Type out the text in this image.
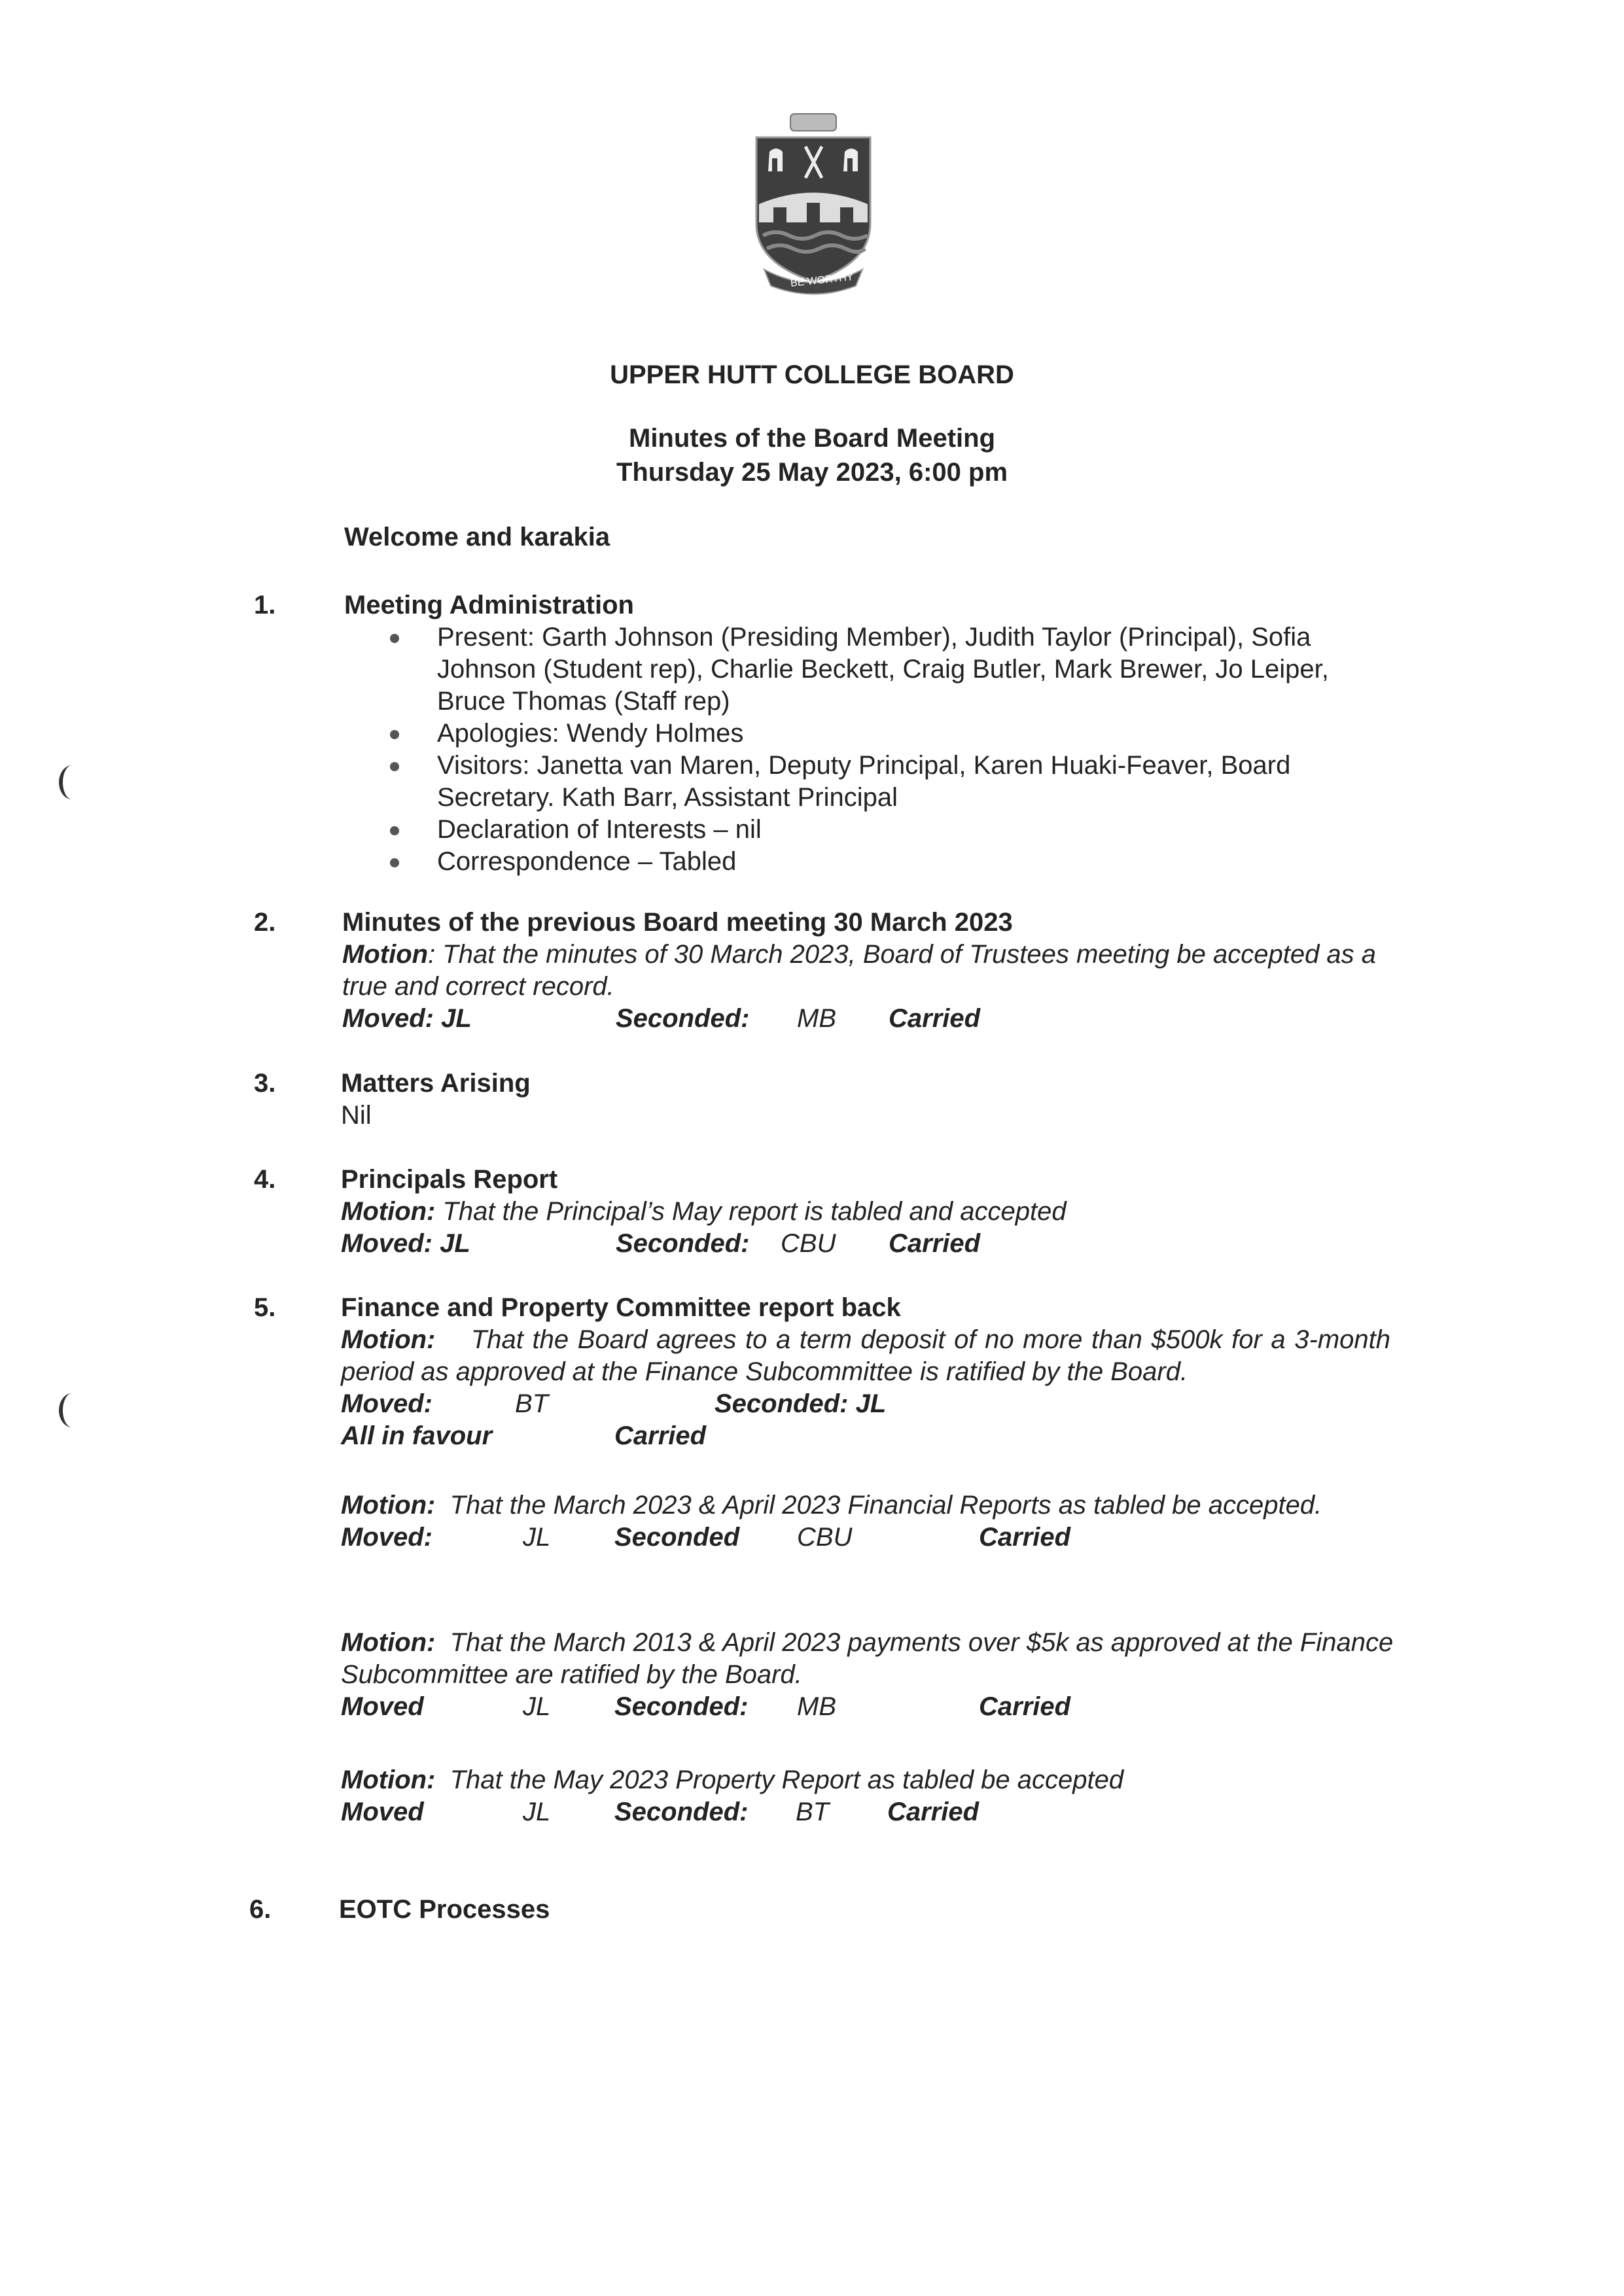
BE WORTHY
UPPER HUTT COLLEGE BOARD
Minutes of the Board Meeting
Thursday 25 May 2023, 6:00 pm
Welcome and karakia
1.	Meeting Administration
Present: Garth Johnson (Presiding Member), Judith Taylor (Principal), Sofia Johnson (Student rep), Charlie Beckett, Craig Butler, Mark Brewer, Jo Leiper, Bruce Thomas (Staff rep)
Apologies: Wendy Holmes
Visitors: Janetta van Maren, Deputy Principal, Karen Huaki-Feaver, Board Secretary. Kath Barr, Assistant Principal
Declaration of Interests – nil
Correspondence – Tabled
2.	Minutes of the previous Board meeting 30 March 2023
Motion: That the minutes of 30 March 2023, Board of Trustees meeting be accepted as a true and correct record.
Moved: JL	Seconded: MB Carried
3. Matters Arising
Nil
4. Principals Report
Motion: That the Principal’s May report is tabled and accepted
Moved: JL	Seconded: CBU Carried
5. Finance and Property Committee report back
Motion: That the Board agrees to a term deposit of no more than $500k for a 3-month period as approved at the Finance Subcommittee is ratified by the Board.
Moved:	BT	Seconded: JL
All in favour	Carried
Motion: That the March 2023 & April 2023 Financial Reports as tabled be accepted.
Moved:	JL Seconded CBU	Carried
Motion: That the March 2013 & April 2023 payments over $5k as approved at the Finance Subcommittee are ratified by the Board.
Moved	JL Seconded: MB	Carried
Motion: That the May 2023 Property Report as tabled be accepted
Moved	JL Seconded: BT Carried
6.	EOTC Processes
